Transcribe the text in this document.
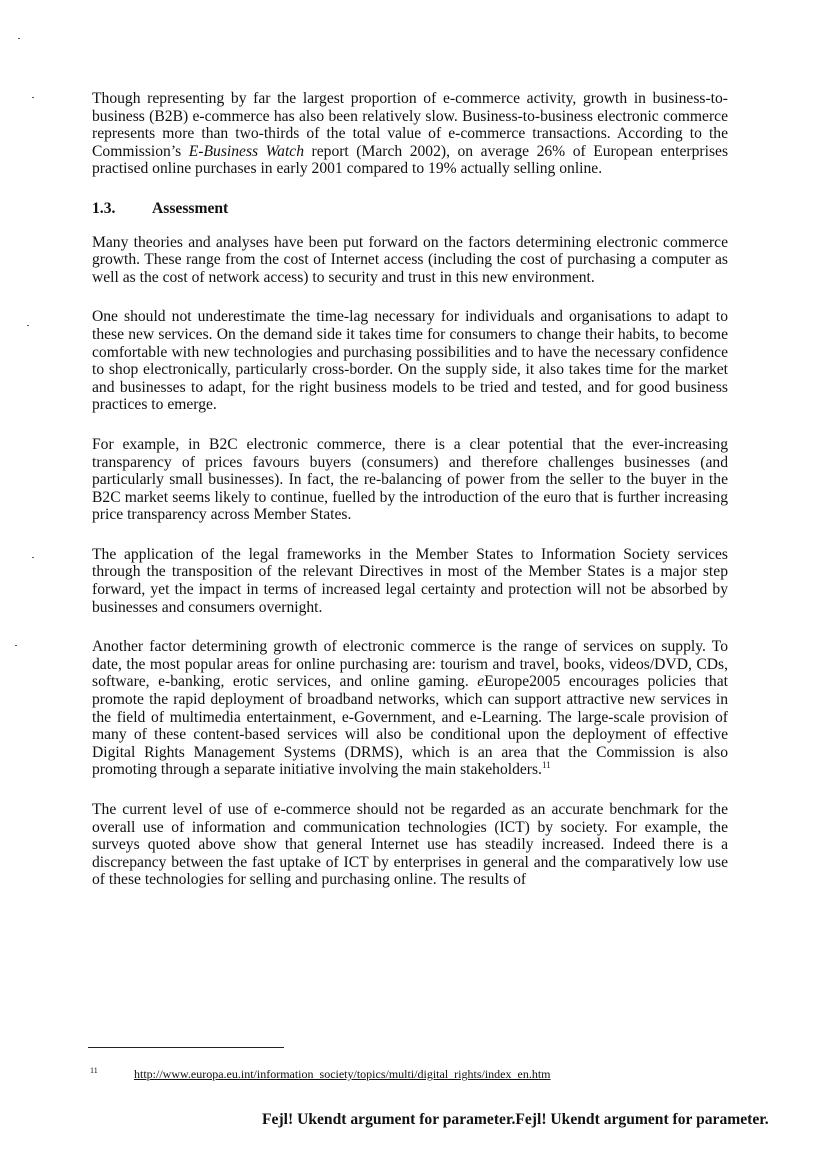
Though representing by far the largest proportion of e-commerce activity, growth in business-to-business (B2B) e-commerce has also been relatively slow. Business-to-business electronic commerce represents more than two-thirds of the total value of e-commerce transactions. According to the Commission’s E-Business Watch report (March 2002), on average 26% of European enterprises practised online purchases in early 2001 compared to 19% actually selling online.

1.3. Assessment

Many theories and analyses have been put forward on the factors determining electronic commerce growth. These range from the cost of Internet access (including the cost of purchasing a computer as well as the cost of network access) to security and trust in this new environment.

One should not underestimate the time-lag necessary for individuals and organisations to adapt to these new services. On the demand side it takes time for consumers to change their habits, to become comfortable with new technologies and purchasing possibilities and to have the necessary confidence to shop electronically, particularly cross-border. On the supply side, it also takes time for the market and businesses to adapt, for the right business models to be tried and tested, and for good business practices to emerge.

For example, in B2C electronic commerce, there is a clear potential that the ever-increasing transparency of prices favours buyers (consumers) and therefore challenges businesses (and particularly small businesses). In fact, the re-balancing of power from the seller to the buyer in the B2C market seems likely to continue, fuelled by the introduction of the euro that is further increasing price transparency across Member States.

The application of the legal frameworks in the Member States to Information Society services through the transposition of the relevant Directives in most of the Member States is a major step forward, yet the impact in terms of increased legal certainty and protection will not be absorbed by businesses and consumers overnight.

Another factor determining growth of electronic commerce is the range of services on supply. To date, the most popular areas for online purchasing are: tourism and travel, books, videos/DVD, CDs, software, e-banking, erotic services, and online gaming. eEurope2005 encourages policies that promote the rapid deployment of broadband networks, which can support attractive new services in the field of multimedia entertainment, e-Government, and e-Learning. The large-scale provision of many of these content-based services will also be conditional upon the deployment of effective Digital Rights Management Systems (DRMS), which is an area that the Commission is also promoting through a separate initiative involving the main stakeholders.$^{11}$

The current level of use of e-commerce should not be regarded as an accurate benchmark for the overall use of information and communication technologies (ICT) by society. For example, the surveys quoted above show that general Internet use has steadily increased. Indeed there is a discrepancy between the fast uptake of ICT by enterprises in general and the comparatively low use of these technologies for selling and purchasing online. The results of

11	http://www.europa.eu.int/information_society/topics/multi/digital_rights/index_en.htm
Fejl! Ukendt argument for parameter.Fejl! Ukendt argument for parameter.
